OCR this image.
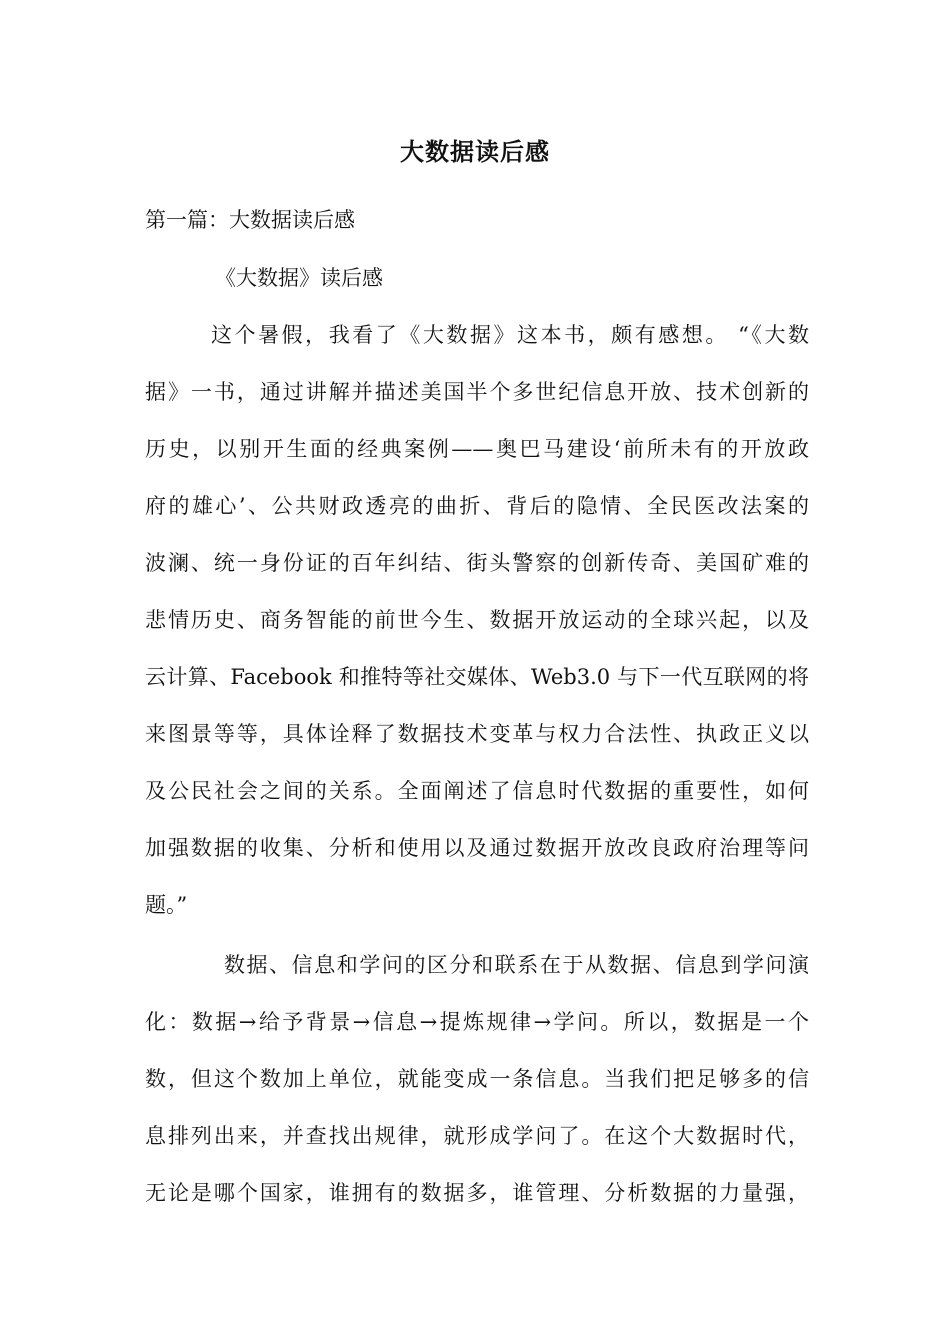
大数据读后感
第一篇：大数据读后感
《大数据》读后感
这个暑假，我看了《大数据》这本书，颇有感想。 “《大数
据》一书，通过讲解并描述美国半个多世纪信息开放、技术创新的
历史，以别开生面的经典案例——奥巴马建设‘前所未有的开放政
府的雄心’、公共财政透亮的曲折、背后的隐情、全民医改法案的
波澜、统一身份证的百年纠结、街头警察的创新传奇、美国矿难的
悲情历史、商务智能的前世今生、数据开放运动的全球兴起，以及
云计算、Facebook 和推特等社交媒体、Web3.0 与下一代互联网的将
来图景等等，具体诠释了数据技术变革与权力合法性、执政正义以
及公民社会之间的关系。全面阐述了信息时代数据的重要性，如何
加强数据的收集、分析和使用以及通过数据开放改良政府治理等问
题。”
数据、信息和学问的区分和联系在于从数据、信息到学问演
化：数据→给予背景→信息→提炼规律→学问。所以，数据是一个
数，但这个数加上单位，就能变成一条信息。当我们把足够多的信
息排列出来，并查找出规律，就形成学问了。在这个大数据时代，
无论是哪个国家，谁拥有的数据多，谁管理、分析数据的力量强，
